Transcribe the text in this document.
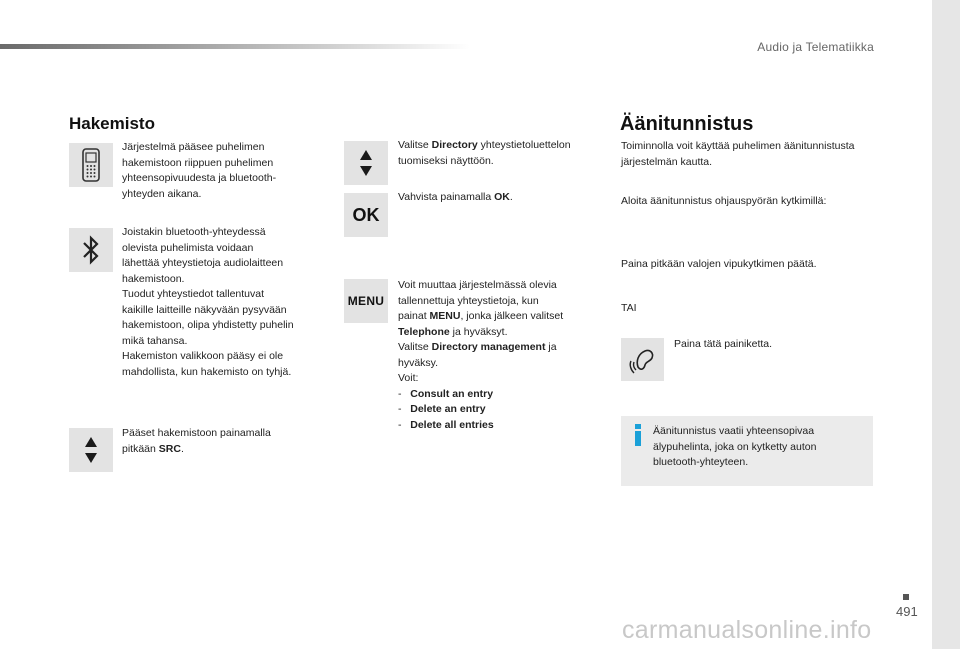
Audio ja Telematiikka
Hakemisto
Järjestelmä pääsee puhelimen hakemistoon riippuen puhelimen yhteensopivuudesta ja bluetooth-yhteyden aikana.
Joistakin bluetooth-yhteydessä
olevista puhelimista voidaan
lähettää yhteystietoja audiolaitteen
hakemistoon.
Tuodut yhteystiedot tallentuvat
kaikille laitteille näkyvään pysyvään
hakemistoon, olipa yhdistetty puhelin
mikä tahansa.
Hakemiston valikkoon pääsy ei ole
mahdollista, kun hakemisto on tyhjä.
Pääset hakemistoon painamalla pitkään SRC.
Valitse Directory yhteystietoluettelon tuomiseksi näyttöön.
OK
Vahvista painamalla OK.
MENU
Voit muuttaa järjestelmässä olevia
tallennettuja yhteystietoja, kun
painat MENU, jonka jälkeen valitset
Telephone ja hyväksyt.
Valitse Directory management ja
hyväksy.
Voit:
-   Consult an entry
-   Delete an entry
-   Delete all entries
Äänitunnistus
Toiminnolla voit käyttää puhelimen äänitunnistusta järjestelmän kautta.
Aloita äänitunnistus ohjauspyörän kytkimillä:
Paina pitkään valojen vipukytkimen päätä.
TAI
Paina tätä painiketta.
Äänitunnistus vaatii yhteensopivaa älypuhelinta, joka on kytketty auton bluetooth-yhteyteen.
491
carmanualsonline.info
